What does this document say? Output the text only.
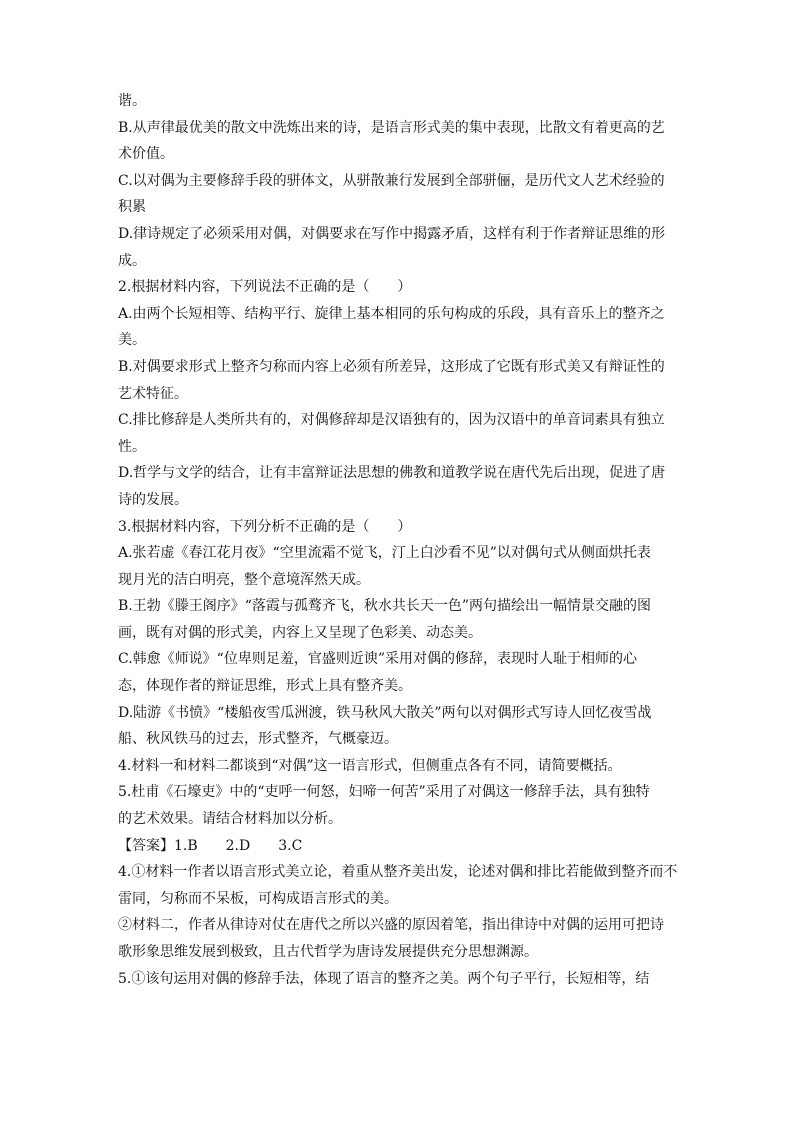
谐。
B.从声律最优美的散文中洗炼出来的诗，是语言形式美的集中表现，比散文有着更高的艺
术价值。
C.以对偶为主要修辞手段的骈体文，从骈散兼行发展到全部骈俪，是历代文人艺术经验的
积累
D.律诗规定了必须采用对偶，对偶要求在写作中揭露矛盾，这样有利于作者辩证思维的形
成。
2.根据材料内容，下列说法不正确的是（　　）
A.由两个长短相等、结构平行、旋律上基本相同的乐句构成的乐段，具有音乐上的整齐之
美。
B.对偶要求形式上整齐匀称而内容上必须有所差异，这形成了它既有形式美又有辩证性的
艺术特征。
C.排比修辞是人类所共有的，对偶修辞却是汉语独有的，因为汉语中的单音词素具有独立
性。
D.哲学与文学的结合，让有丰富辩证法思想的佛教和道教学说在唐代先后出现，促进了唐
诗的发展。
3.根据材料内容，下列分析不正确的是（　　）
A.张若虚《春江花月夜》“空里流霜不觉飞，汀上白沙看不见”以对偶句式从侧面烘托表
现月光的洁白明亮，整个意境浑然天成。
B.王勃《滕王阁序》“落霞与孤鹜齐飞，秋水共长天一色”两句描绘出一幅情景交融的图
画，既有对偶的形式美，内容上又呈现了色彩美、动态美。
C.韩愈《师说》“位卑则足羞，官盛则近谀”采用对偶的修辞，表现时人耻于相师的心
态，体现作者的辩证思维，形式上具有整齐美。
D.陆游《书愤》“楼船夜雪瓜洲渡，铁马秋风大散关”两句以对偶形式写诗人回忆夜雪战
船、秋风铁马的过去，形式整齐，气概豪迈。
4.材料一和材料二都谈到“对偶”这一语言形式，但侧重点各有不同，请简要概括。
5.杜甫《石壕吏》中的“吏呼一何怒，妇啼一何苦”采用了对偶这一修辞手法，具有独特
的艺术效果。请结合材料加以分析。
【答案】1.B　　2.D　　3.C
4.①材料一作者以语言形式美立论，着重从整齐美出发，论述对偶和排比若能做到整齐而不
雷同，匀称而不呆板，可构成语言形式的美。
②材料二，作者从律诗对仗在唐代之所以兴盛的原因着笔，指出律诗中对偶的运用可把诗
歌形象思维发展到极致，且古代哲学为唐诗发展提供充分思想渊源。
5.①该句运用对偶的修辞手法，体现了语言的整齐之美。两个句子平行，长短相等，结
